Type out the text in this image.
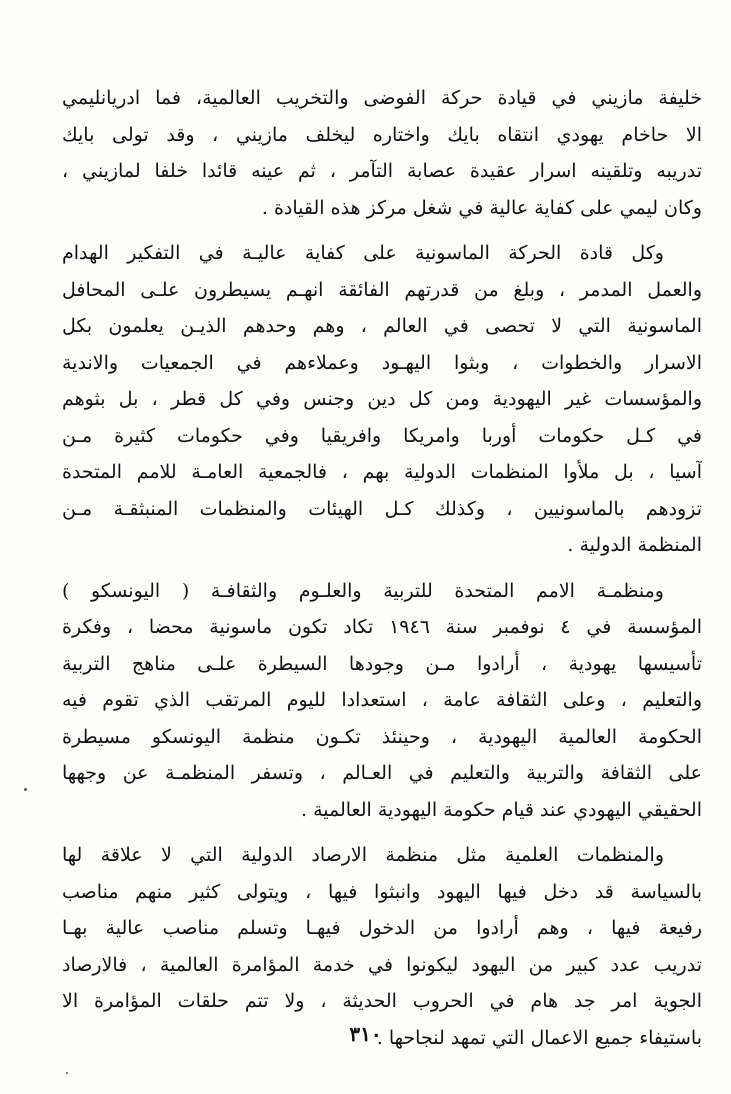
خليفة مازيني في قيادة حركة الفوضى والتخريب العالمية، فما ادريانليمي
الا حاخام يهودي انتقاه بايك واختاره ليخلف مازيني ، وقد تولى بايك
تدريبه وتلقينه اسرار عقيدة عصابة التآمر ، ثم عينه قائدا خلفا لمازيني ،
وكان ليمي على كفاية عالية في شغل مركز هذه القيادة .
وكل قادة الحركة الماسونية على كفاية عاليـة في التفكير الهدام
والعمل المدمر ، وبلغ من قدرتهم الفائقة انهـم يسيطرون علـى المحافل
الماسونية التي لا تحصى في العالم ، وهم وحدهم الذيـن يعلمون بكل
الاسرار والخطوات ، وبثوا اليهـود وعملاءهم في الجمعيات والاندية
والمؤسسات غير اليهودية ومن كل دين وجنس وفي كل قطر ، بل بثوهم
في كـل حكومات أوربا وامريكا وافريقيا وفي حكومات كثيرة مـن
آسيا ، بل ملأوا المنظمات الدولية بهم ، فالجمعية العامـة للامم المتحدة
تزودهم بالماسونيين ، وكذلك كـل الهيئات والمنظمات المنبثقـة مـن
المنظمة الدولية .
ومنظمـة الامم المتحدة للتربية والعلـوم والثقافـة ( اليونسكو )
المؤسسة في ٤ نوفمبر سنة ١٩٤٦ تكاد تكون ماسونية محضا ، وفكرة
تأسيسها يهودية ، أرادوا مـن وجودها السيطرة علـى مناهج التربية
والتعليم ، وعلى الثقافة عامة ، استعدادا لليوم المرتقب الذي تقوم فيه
الحكومة العالمية اليهودية ، وحينئذ تكـون منظمة اليونسكو مسيطرة
على الثقافة والتربية والتعليم في العـالم ، وتسفر المنظمـة عن وجهها
الحقيقي اليهودي عند قيام حكومة اليهودية العالمية .
والمنظمات العلمية مثل منظمة الارصاد الدولية التي لا علاقة لها
بالسياسة قد دخل فيها اليهود وانبثوا فيها ، ويتولى كثير منهم مناصب
رفيعة فيها ، وهم أرادوا من الدخول فيهـا وتسلم مناصب عالية بهـا
تدريب عدد كبير من اليهود ليكونوا في خدمة المؤامرة العالمية ، فالارصاد
الجوية امر جد هام في الحروب الحديثة ، ولا تتم حلقات المؤامرة الا
باستيفاء جميع الاعمال التي تمهد لنجاحها .
٣١٠
